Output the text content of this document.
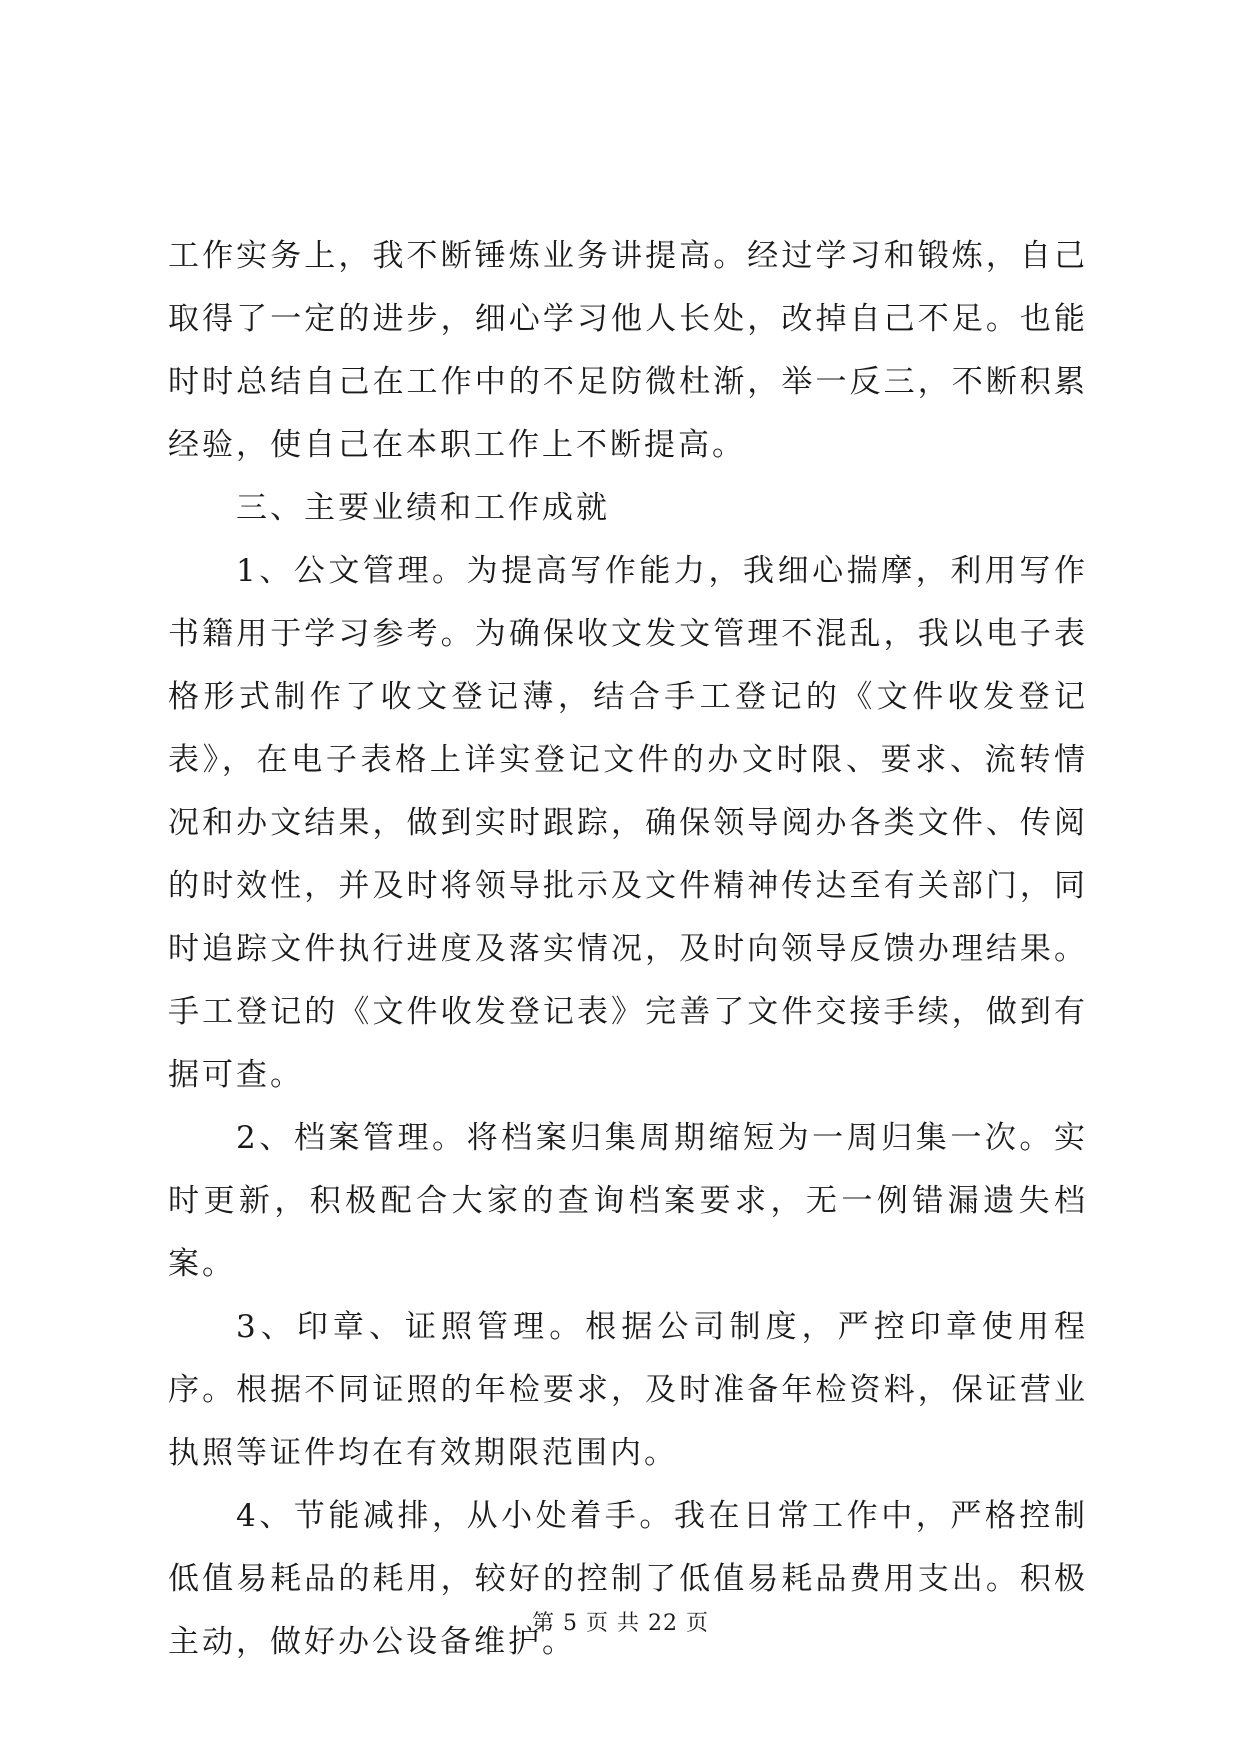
工作实务上，我不断锤炼业务讲提高。经过学习和锻炼，自己取得了一定的进步，细心学习他人长处，改掉自己不足。也能时时总结自己在工作中的不足防微杜渐，举一反三，不断积累经验，使自己在本职工作上不断提高。

三、主要业绩和工作成就

1、公文管理。为提高写作能力，我细心揣摩，利用写作书籍用于学习参考。为确保收文发文管理不混乱，我以电子表格形式制作了收文登记薄，结合手工登记的《文件收发登记表》，在电子表格上详实登记文件的办文时限、要求、流转情况和办文结果，做到实时跟踪，确保领导阅办各类文件、传阅的时效性，并及时将领导批示及文件精神传达至有关部门，同时追踪文件执行进度及落实情况，及时向领导反馈办理结果。手工登记的《文件收发登记表》完善了文件交接手续，做到有据可查。

2、档案管理。将档案归集周期缩短为一周归集一次。实时更新，积极配合大家的查询档案要求，无一例错漏遗失档案。

3、印章、证照管理。根据公司制度，严控印章使用程序。根据不同证照的年检要求，及时准备年检资料，保证营业执照等证件均在有效期限范围内。

4、节能减排，从小处着手。我在日常工作中，严格控制低值易耗品的耗用，较好的控制了低值易耗品费用支出。积极主动，做好办公设备维护。

第 5 页 共 22 页
